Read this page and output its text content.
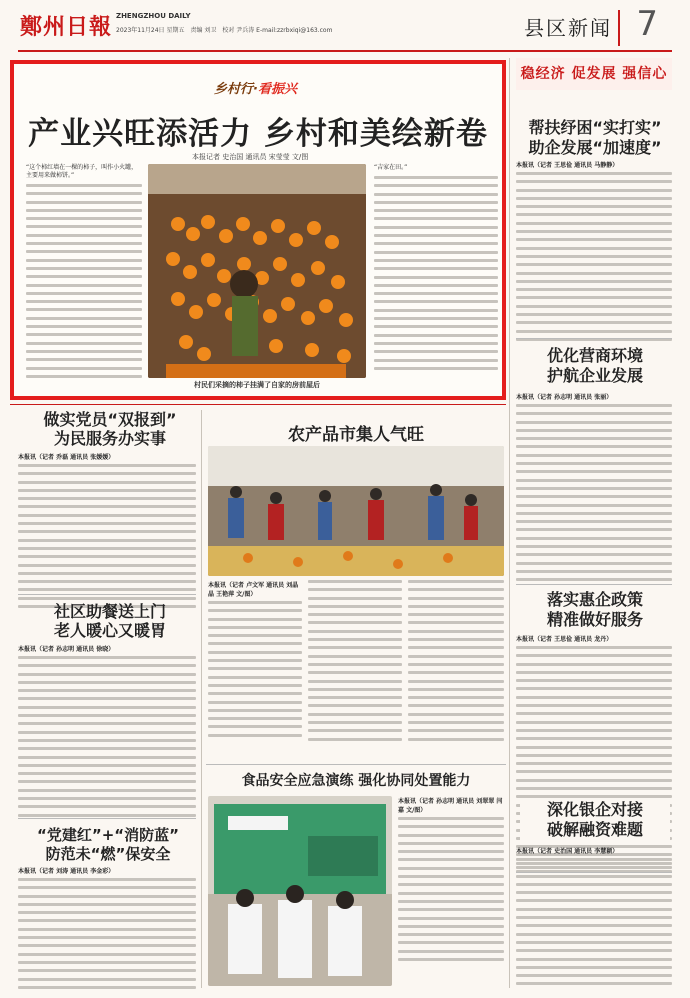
鄭州日報 ZHENGZHOU DAILY
2023年11月24日 星期五　责编 刘卫　校对 尹兵涛 E-mail:zzrbxiqi@163.com	县区新闻 7
乡村行·看振兴
产业兴旺添活力 乡村和美绘新卷
本报记者 史治国 通讯员 宋莹莹 文/图
“这个柿红墙在一棵的柿子，叫作小火罐，主要用来做柿饼。”
村民们采摘的柿子挂满了自家的房前屋后
“吉家在田。”
稳经济 促发展 强信心
帮扶纾困“实打实”
助企发展“加速度”
本报讯（记者 王思俭 通讯员 马静静）
优化营商环境
护航企业发展
本报讯（记者 孙志明 通讯员 张丽）
落实惠企政策
精准做好服务
本报讯（记者 王思俭 通讯员 龙丹）
深化银企对接
破解融资难题
本报讯（记者 史治国 通讯员 李慧颖）
做实党员“双报到”
为民服务办实事
本报讯（记者 乔磊 通讯员 张媛媛）
社区助餐送上门
老人暖心又暖胃
本报讯（记者 孙志明 通讯员 徐晓）
“党建红”+“消防蓝”
防范未“燃”保安全
本报讯（记者 刘涛 通讯员 李金彩）
农产品市集人气旺
本报讯（记者 卢文军 通讯员 刘晶晶 王艳萍 文/图）
食品安全应急演练 强化协同处置能力
本报讯（记者 孙志明 通讯员 刘翠翠 闫嘉 文/图）
